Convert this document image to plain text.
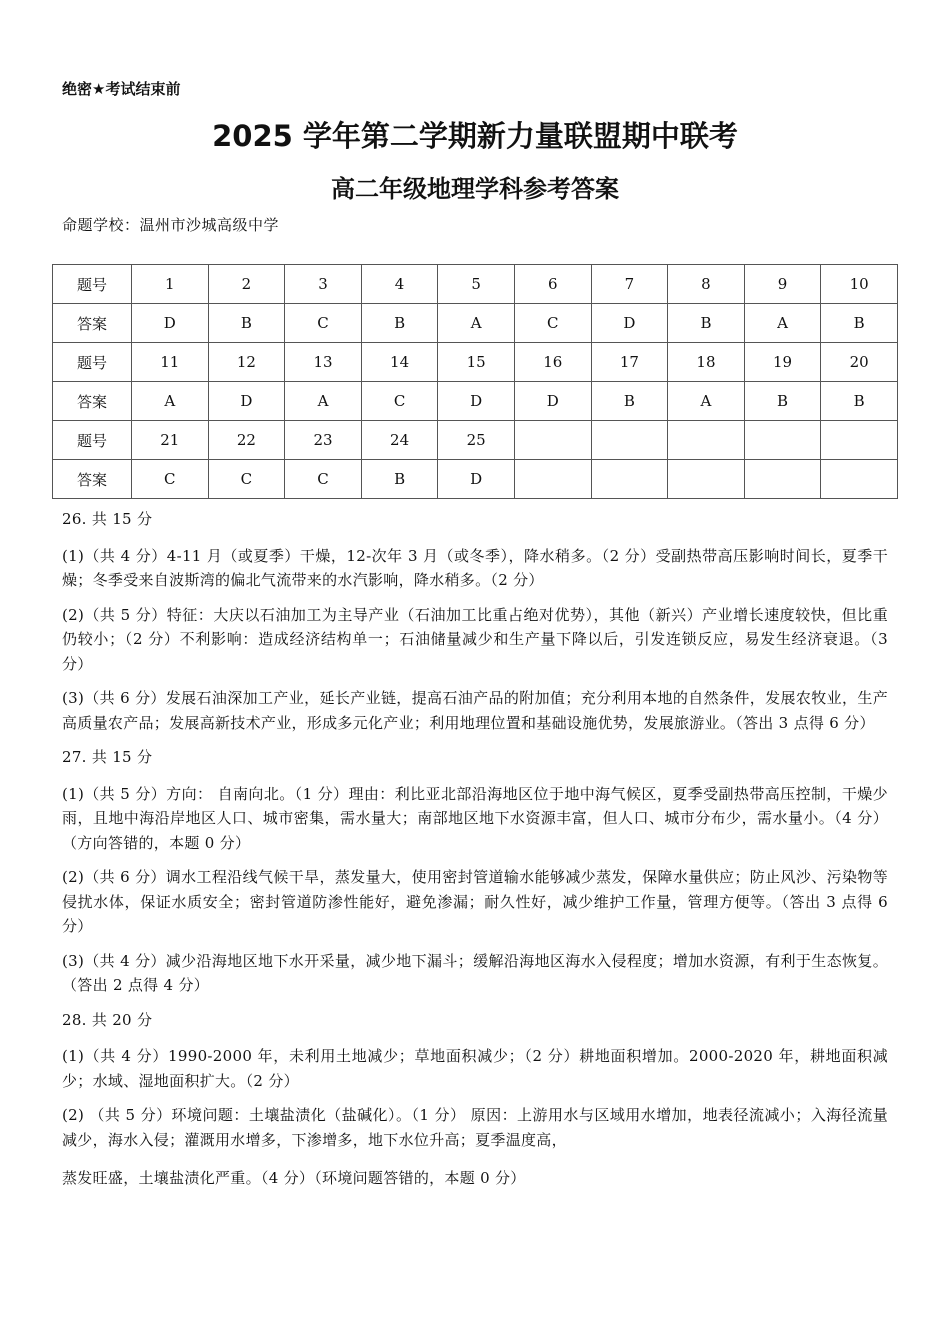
绝密★考试结束前
2025 学年第二学期新力量联盟期中联考
高二年级地理学科参考答案
命题学校：温州市沙城高级中学
题号	1	2	3	4	5	6	7	8	9	10
答案	D	B	C	B	A	C	D	B	A	B
题号	11	12	13	14	15	16	17	18	19	20
答案	A	D	A	C	D	D	B	A	B	B
题号	21	22	23	24	25					
答案	C	C	C	B	D					

26. 共 15 分

(1)（共 4 分）4-11 月（或夏季）干燥，12-次年 3 月（或冬季），降水稍多。（2 分）受副热带高压影响时间长，夏季干燥；冬季受来自波斯湾的偏北气流带来的水汽影响，降水稍多。（2 分）

(2)（共 5 分）特征：大庆以石油加工为主导产业（石油加工比重占绝对优势），其他（新兴）产业增长速度较快，但比重仍较小；（2 分）不利影响：造成经济结构单一；石油储量减少和生产量下降以后，引发连锁反应，易发生经济衰退。（3 分）

(3)（共 6 分）发展石油深加工产业，延长产业链，提高石油产品的附加值；充分利用本地的自然条件，发展农牧业，生产高质量农产品；发展高新技术产业，形成多元化产业；利用地理位置和基础设施优势，发展旅游业。（答出 3 点得 6 分）

27. 共 15 分

(1)（共 5 分）方向： 自南向北。（1 分）理由：利比亚北部沿海地区位于地中海气候区，夏季受副热带高压控制，干燥少雨，且地中海沿岸地区人口、城市密集，需水量大；南部地区地下水资源丰富，但人口、城市分布少，需水量小。（4 分）（方向答错的，本题 0 分）

(2)（共 6 分）调水工程沿线气候干旱，蒸发量大，使用密封管道输水能够减少蒸发，保障水量供应；防止风沙、污染物等侵扰水体，保证水质安全；密封管道防渗性能好，避免渗漏；耐久性好，减少维护工作量，管理方便等。（答出 3 点得 6 分）

(3)（共 4 分）减少沿海地区地下水开采量，减少地下漏斗；缓解沿海地区海水入侵程度；增加水资源，有利于生态恢复。（答出 2 点得 4 分）

28. 共 20 分

(1)（共 4 分）1990-2000 年，未利用土地减少；草地面积减少；（2 分）耕地面积增加。2000-2020 年，耕地面积减少；水域、湿地面积扩大。（2 分）

(2) （共 5 分）环境问题：土壤盐渍化（盐碱化）。（1 分） 原因：上游用水与区域用水增加，地表径流减小；入海径流量减少，海水入侵；灌溉用水增多，下渗增多，地下水位升高；夏季温度高，

蒸发旺盛，土壤盐渍化严重。（4 分）（环境问题答错的，本题 0 分）
